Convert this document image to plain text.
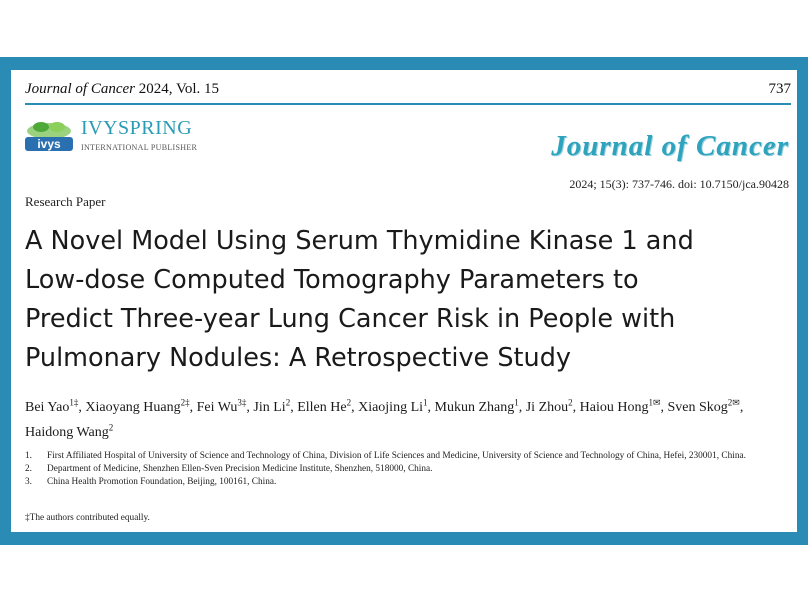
Journal of Cancer 2024, Vol. 15	737
ivys
IVYSPRING
INTERNATIONAL PUBLISHER	Journal of Cancer
2024; 15(3): 737-746. doi: 10.7150/jca.90428
Research Paper
A Novel Model Using Serum Thymidine Kinase 1 and
Low-dose Computed Tomography Parameters to
Predict Three-year Lung Cancer Risk in People with
Pulmonary Nodules: A Retrospective Study
Bei Yao$^{1\ddagger}$, Xiaoyang Huang$^{2\ddagger}$, Fei $Wu^{3\ddagger}$, Jin Li$^2$, Ellen He$^2$, Xiaojing Li$^1$, Mukun Zhang$^1$, Ji Zhou$^2$, Haiou Hong$^{1✉}$, Sven Skog$^{2✉}$, Haidong Wang$^2$
1.	First Affiliated Hospital of University of Science and Technology of China, Division of Life Sciences and Medicine, University of Science and Technology of China, Hefei, 230001, China.
2.	Department of Medicine, Shenzhen Ellen-Sven Precision Medicine Institute, Shenzhen, 518000, China.
3.	China Health Promotion Foundation, Beijing, 100161, China.
‡The authors contributed equally.
